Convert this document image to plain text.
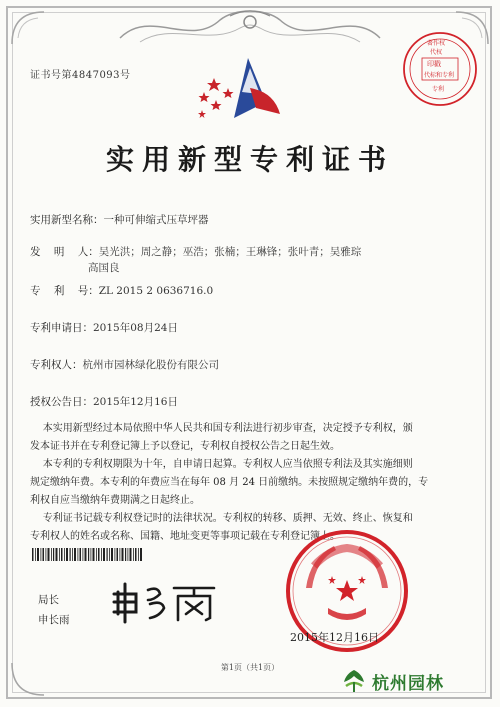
证书号第4847093号
印戳
代标和专利
著作权
代权
专利
实用新型专利证书
实用新型名称：一种可伸缩式压草坪器
发    明    人：吴光洪；周之静；巫浩；张楠；王琳锋；张叶青；吴雅琮
高国良
专    利    号：ZL 2015 2 0636716.0
专利申请日：2015年08月24日
专利权人：杭州市园林绿化股份有限公司
授权公告日：2015年12月16日
本实用新型经过本局依照中华人民共和国专利法进行初步审查，决定授予专利权，颁
发本证书并在专利登记簿上予以登记，专利权自授权公告之日起生效。
本专利的专利权期限为十年，自申请日起算。专利权人应当依照专利法及其实施细则
规定缴纳年费。本专利的年费应当在每年 08 月 24 日前缴纳。未按照规定缴纳年费的，专
利权自应当缴纳年费期满之日起终止。
专利证书记载专利权登记时的法律状况。专利权的转移、质押、无效、终止、恢复和
专利权人的姓名或名称、国籍、地址变更等事项记载在专利登记簿上。
局长
申长雨
2015年12月16日
第1页（共1页）
杭州园林
